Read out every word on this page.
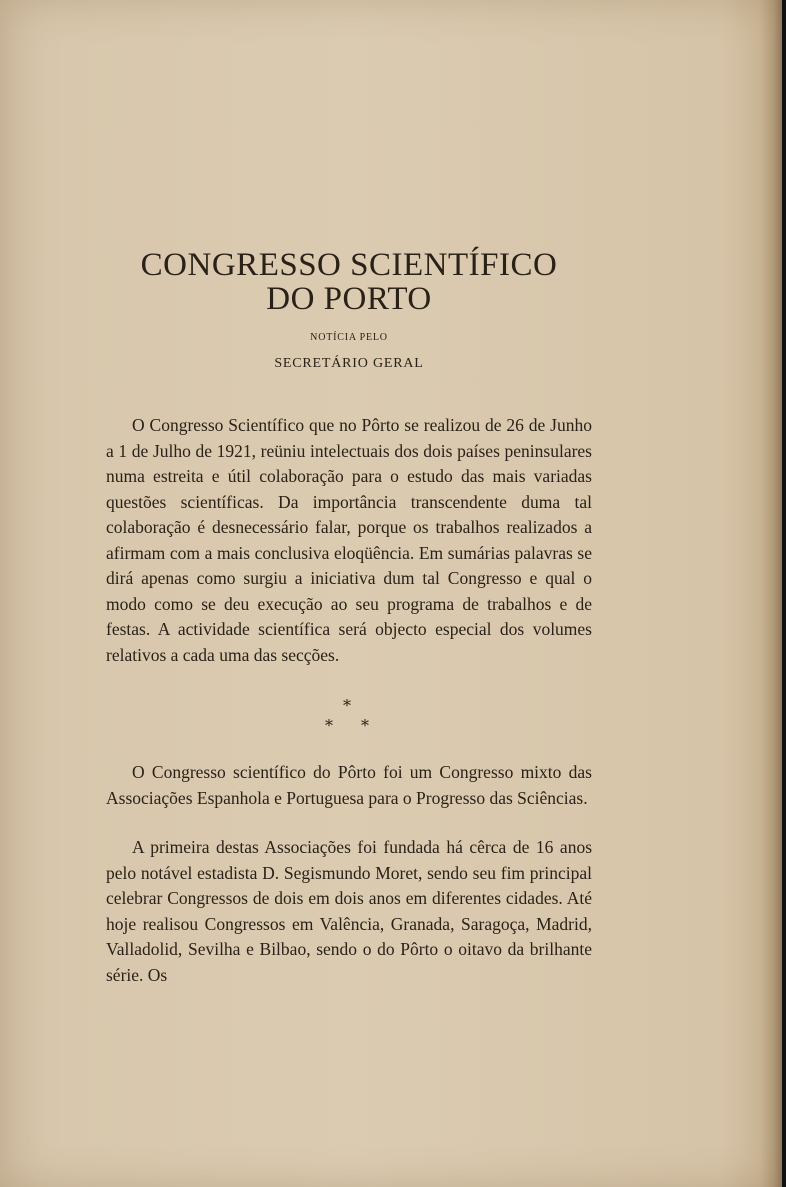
CONGRESSO SCIENTÍFICO
DO PORTO
NOTÍCIA PELO
SECRETÁRIO GERAL

O Congresso Scientífico que no Pôrto se realizou de 26 de Junho a 1 de Julho de 1921, reüniu intelectuais dos dois países peninsulares numa estreita e útil colaboração para o estudo das mais variadas questões scientíficas. Da importância transcendente duma tal colaboração é desnecessário falar, porque os trabalhos realizados a afirmam com a mais conclusiva eloqüência. Em sumárias palavras se dirá apenas como surgiu a iniciativa dum tal Congresso e qual o modo como se deu execução ao seu programa de trabalhos e de festas. A actividade scientífica será objecto especial dos volumes relativos a cada uma das secções.

*
* *

O Congresso scientífico do Pôrto foi um Congresso mixto das Associações Espanhola e Portuguesa para o Progresso das Sciências.

A primeira destas Associações foi fundada há cêrca de 16 anos pelo notável estadista D. Segismundo Moret, sendo seu fim principal celebrar Congressos de dois em dois anos em diferentes cidades. Até hoje realisou Congressos em Valência, Granada, Saragoça, Madrid, Valladolid, Sevilha e Bilbao, sendo o do Pôrto o oitavo da brilhante série. Os
